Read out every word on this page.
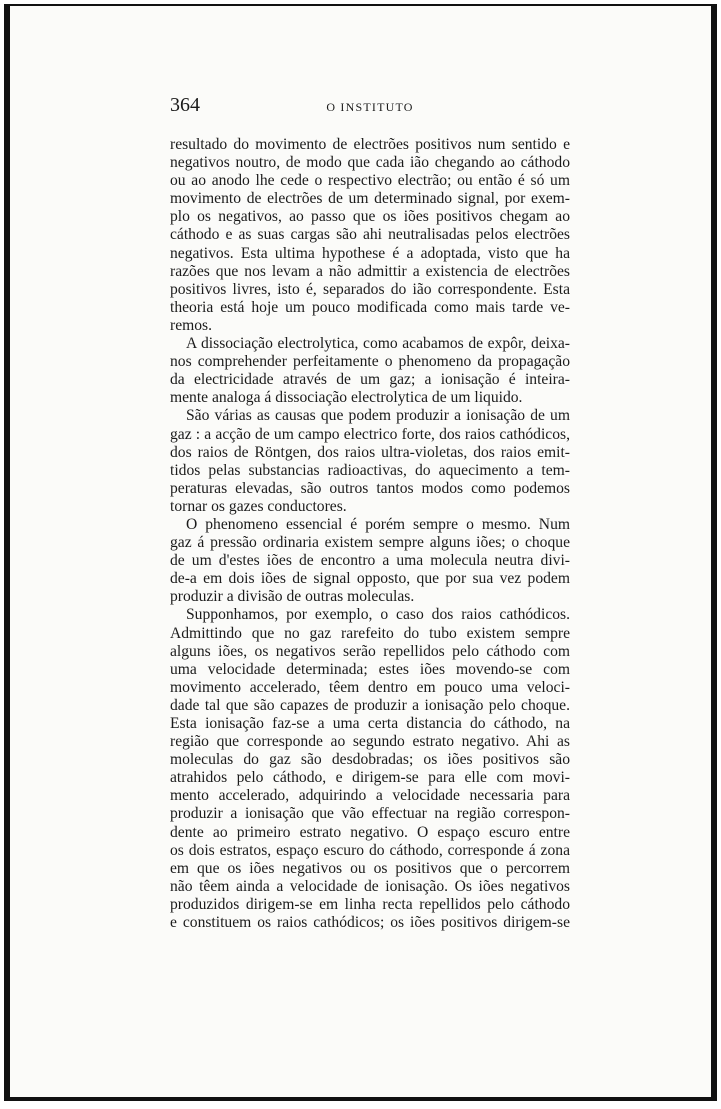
364	O INSTITUTO
resultado do movimento de electrões positivos num sentido e
negativos noutro, de modo que cada ião chegando ao cáthodo
ou ao anodo lhe cede o respectivo electrão; ou então é só um
movimento de electrões de um determinado signal, por exem-
plo os negativos, ao passo que os iões positivos chegam ao
cáthodo e as suas cargas são ahi neutralisadas pelos electrões
negativos. Esta ultima hypothese é a adoptada, visto que ha
razões que nos levam a não admittir a existencia de electrões
positivos livres, isto é, separados do ião correspondente. Esta
theoria está hoje um pouco modificada como mais tarde ve-
remos.
A dissociação electrolytica, como acabamos de expôr, deixa-
nos comprehender perfeitamente o phenomeno da propagação
da electricidade através de um gaz; a ionisação é inteira-
mente analoga á dissociação electrolytica de um liquido.
São várias as causas que podem produzir a ionisação de um
gaz : a acção de um campo electrico forte, dos raios cathódicos,
dos raios de Röntgen, dos raios ultra-violetas, dos raios emit-
tidos pelas substancias radioactivas, do aquecimento a tem-
peraturas elevadas, são outros tantos modos como podemos
tornar os gazes conductores.
O phenomeno essencial é porém sempre o mesmo. Num
gaz á pressão ordinaria existem sempre alguns iões; o choque
de um d'estes iões de encontro a uma molecula neutra divi-
de-a em dois iões de signal opposto, que por sua vez podem
produzir a divisão de outras moleculas.
Supponhamos, por exemplo, o caso dos raios cathódicos.
Admittindo que no gaz rarefeito do tubo existem sempre
alguns iões, os negativos serão repellidos pelo cáthodo com
uma velocidade determinada; estes iões movendo-se com
movimento accelerado, têem dentro em pouco uma veloci-
dade tal que são capazes de produzir a ionisação pelo choque.
Esta ionisação faz-se a uma certa distancia do cáthodo, na
região que corresponde ao segundo estrato negativo. Ahi as
moleculas do gaz são desdobradas; os iões positivos são
atrahidos pelo cáthodo, e dirigem-se para elle com movi-
mento accelerado, adquirindo a velocidade necessaria para
produzir a ionisação que vão effectuar na região correspon-
dente ao primeiro estrato negativo. O espaço escuro entre
os dois estratos, espaço escuro do cáthodo, corresponde á zona
em que os iões negativos ou os positivos que o percorrem
não têem ainda a velocidade de ionisação. Os iões negativos
produzidos dirigem-se em linha recta repellidos pelo cáthodo
e constituem os raios cathódicos; os iões positivos dirigem-se
